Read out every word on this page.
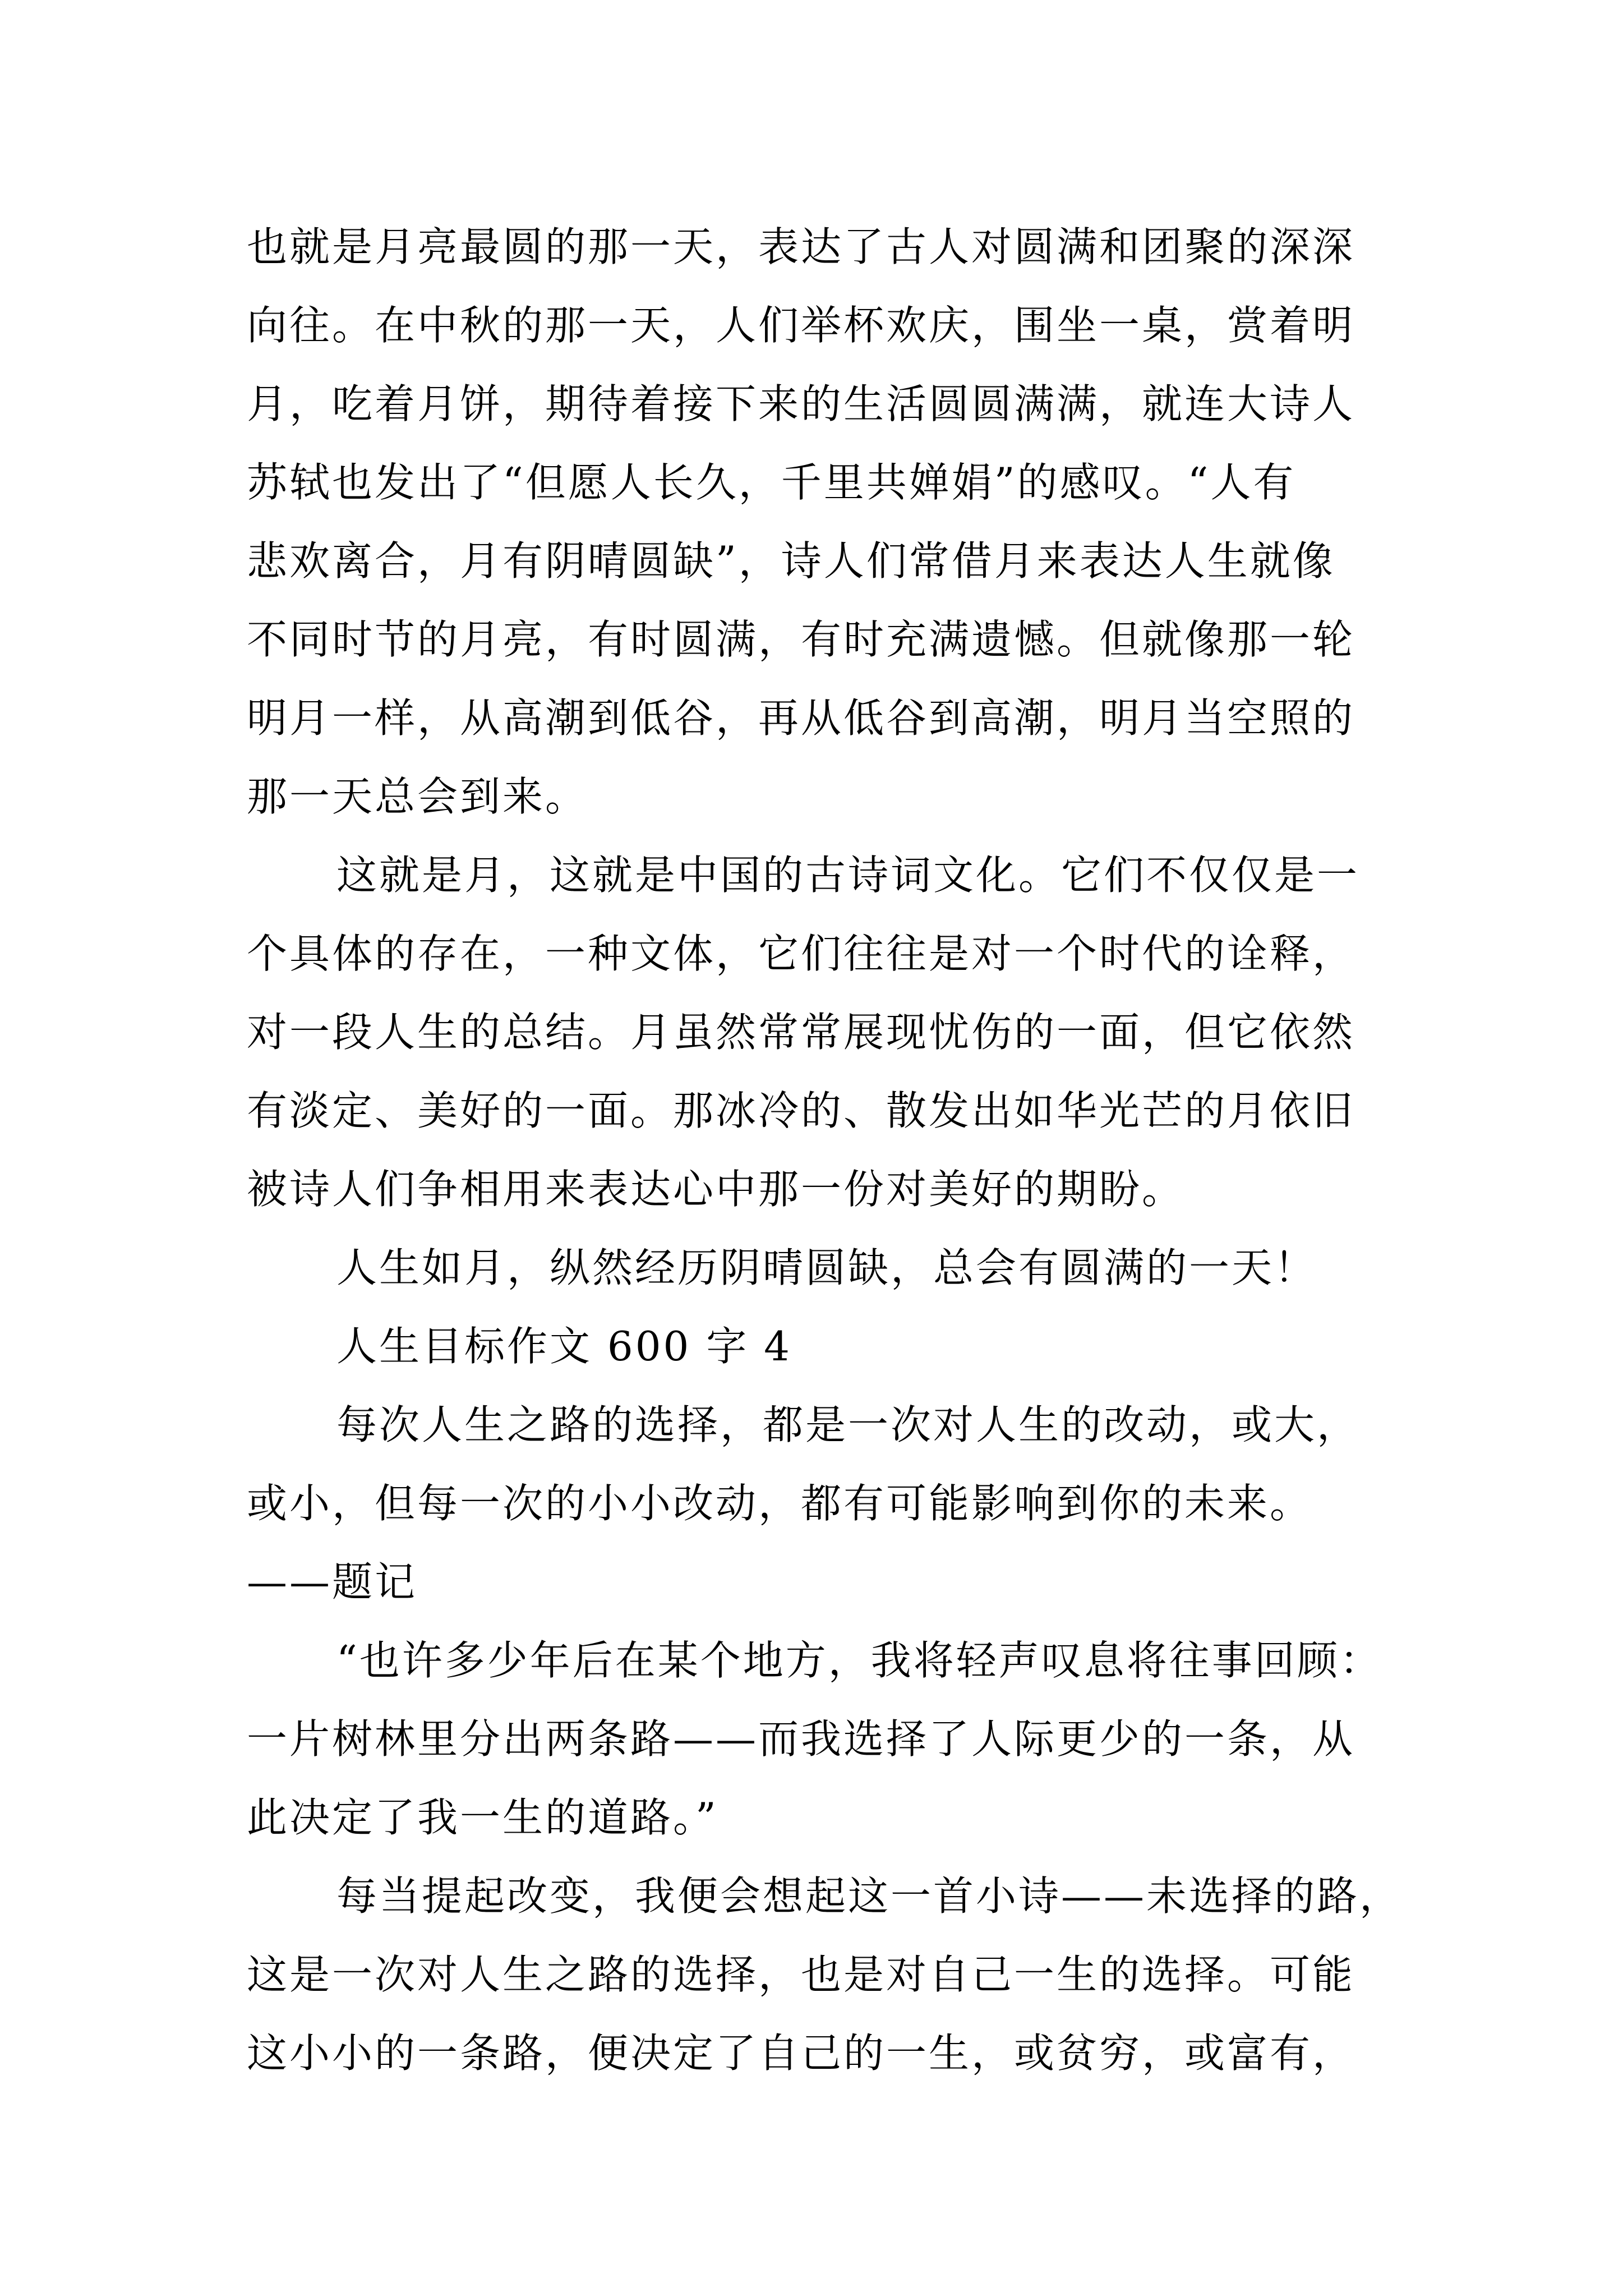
也就是月亮最圆的那一天，表达了古人对圆满和团聚的深深
向往。在中秋的那一天，人们举杯欢庆，围坐一桌，赏着明
月，吃着月饼，期待着接下来的生活圆圆满满，就连大诗人
苏轼也发出了“但愿人长久，千里共婵娟”的感叹。“人有
悲欢离合，月有阴晴圆缺”，诗人们常借月来表达人生就像
不同时节的月亮，有时圆满，有时充满遗憾。但就像那一轮
明月一样，从高潮到低谷，再从低谷到高潮，明月当空照的
那一天总会到来。
这就是月，这就是中国的古诗词文化。它们不仅仅是一
个具体的存在，一种文体，它们往往是对一个时代的诠释，
对一段人生的总结。月虽然常常展现忧伤的一面，但它依然
有淡定、美好的一面。那冰冷的、散发出如华光芒的月依旧
被诗人们争相用来表达心中那一份对美好的期盼。
人生如月，纵然经历阴晴圆缺，总会有圆满的一天！
人生目标作文 600 字 4
每次人生之路的选择，都是一次对人生的改动，或大，
或小，但每一次的小小改动，都有可能影响到你的未来。
——题记
“也许多少年后在某个地方，我将轻声叹息将往事回顾：
一片树林里分出两条路——而我选择了人际更少的一条，从
此决定了我一生的道路。”
每当提起改变，我便会想起这一首小诗——未选择的路，
这是一次对人生之路的选择，也是对自己一生的选择。可能
这小小的一条路，便决定了自己的一生，或贫穷，或富有，
